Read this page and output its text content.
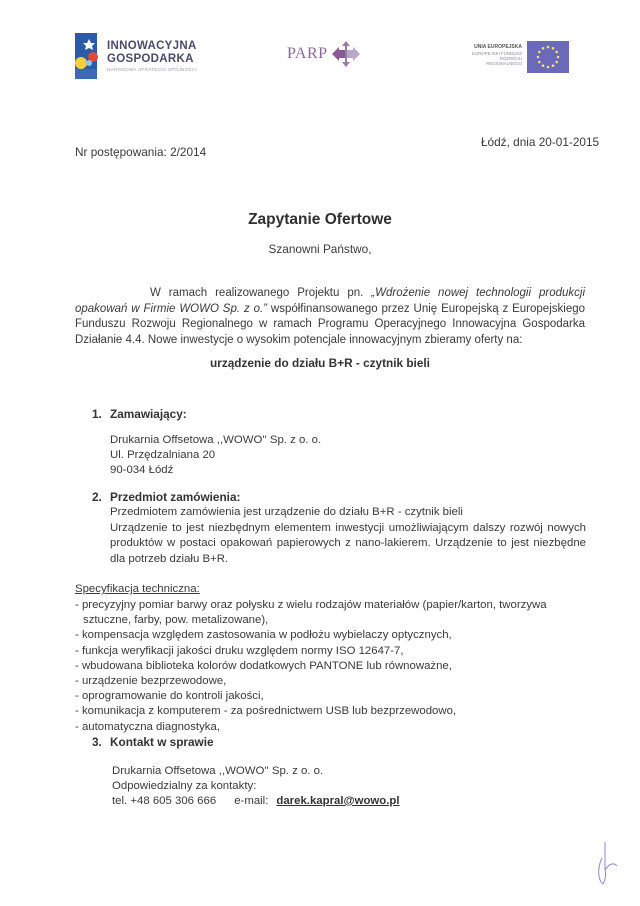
INNOWACYJNA
GOSPODARKA
NARODOWA STRATEGIA SPÓJNOŚCI
PARP	UNIA EUROPEJSKA
EUROPEJSKI FUNDUSZ
ROZWOJU REGIONALNEGO
Łódź, dnia 20-01-2015
Nr postępowania: 2/2014
Zapytanie Ofertowe
Szanowni Państwo,
W ramach realizowanego Projektu pn. „Wdrożenie nowej technologii produkcji opakowań w Firmie WOWO Sp. z o.” współfinansowanego przez Unię Europejską z Europejskiego Funduszu Rozwoju Regionalnego w ramach Programu Operacyjnego Innowacyjna Gospodarka Działanie 4.4. Nowe inwestycje o wysokim potencjale innowacyjnym zbieramy oferty na:
urządzenie do działu B+R - czytnik bieli
1. Zamawiający:
Drukarnia Offsetowa ,,WOWO'' Sp. z o. o.
Ul. Przędzalniana 20
90-034 Łódź
2. Przedmiot zamówienia:
Przedmiotem zamówienia jest urządzenie do działu B+R - czytnik bieli
Urządzenie to jest niezbędnym elementem inwestycji umożliwiającym dalszy rozwój nowych produktów w postaci opakowań papierowych z nano-lakierem. Urządzenie to jest niezbędne dla potrzeb działu B+R.
Specyfikacja techniczna:
- precyzyjny pomiar barwy oraz połysku z wielu rodzajów materiałów (papier/karton, tworzywa sztuczne, farby, pow. metalizowane),
- kompensacja względem zastosowania w podłożu wybielaczy optycznych,
- funkcja weryfikacji jakości druku względem normy ISO 12647-7,
- wbudowana biblioteka kolorów dodatkowych PANTONE lub równoważne,
- urządzenie bezprzewodowe,
- oprogramowanie do kontroli jakości,
- komunikacja z komputerem - za pośrednictwem USB lub bezprzewodowo,
- automatyczna diagnostyka,
3. Kontakt w sprawie
Drukarnia Offsetowa ,,WOWO'' Sp. z o. o.
Odpowiedzialny za kontakty:
tel. +48 605 306 666 e-mail: darek.kapral@wowo.pl
